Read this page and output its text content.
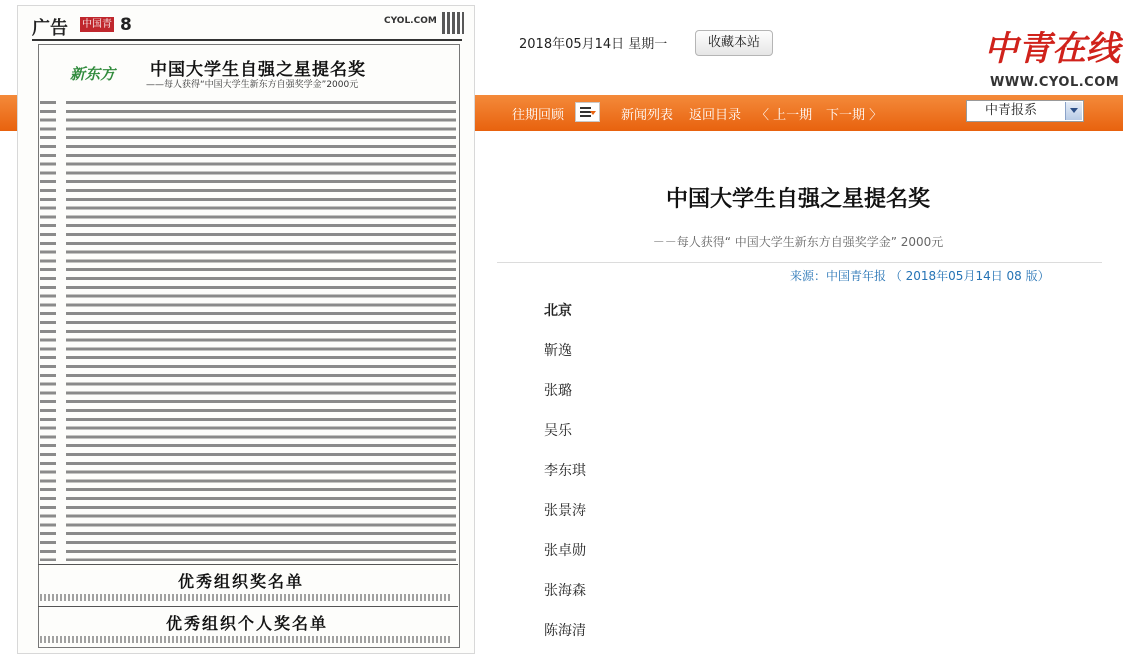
2018年05月14日 星期一	收藏本站	中青在线
WWW.CYOL.COM
往期回顾	新闻列表 返回目录 〈 上一期 下一期 〉	中青报系
广告 中国青 8	CYOL.COM
新东方 中国大学生自强之星提名奖
——每人获得“中国大学生新东方自强奖学金”2000元
优秀组织奖名单
优秀组织个人奖名单
中国大学生自强之星提名奖
－－每人获得“ 中国大学生新东方自强奖学金” 2000元
来源：中国青年报 （ 2018年05月14日 08 版）
北京
靳逸
张璐
吴乐
李东琪
张景涛
张卓勋
张海森
陈海清
